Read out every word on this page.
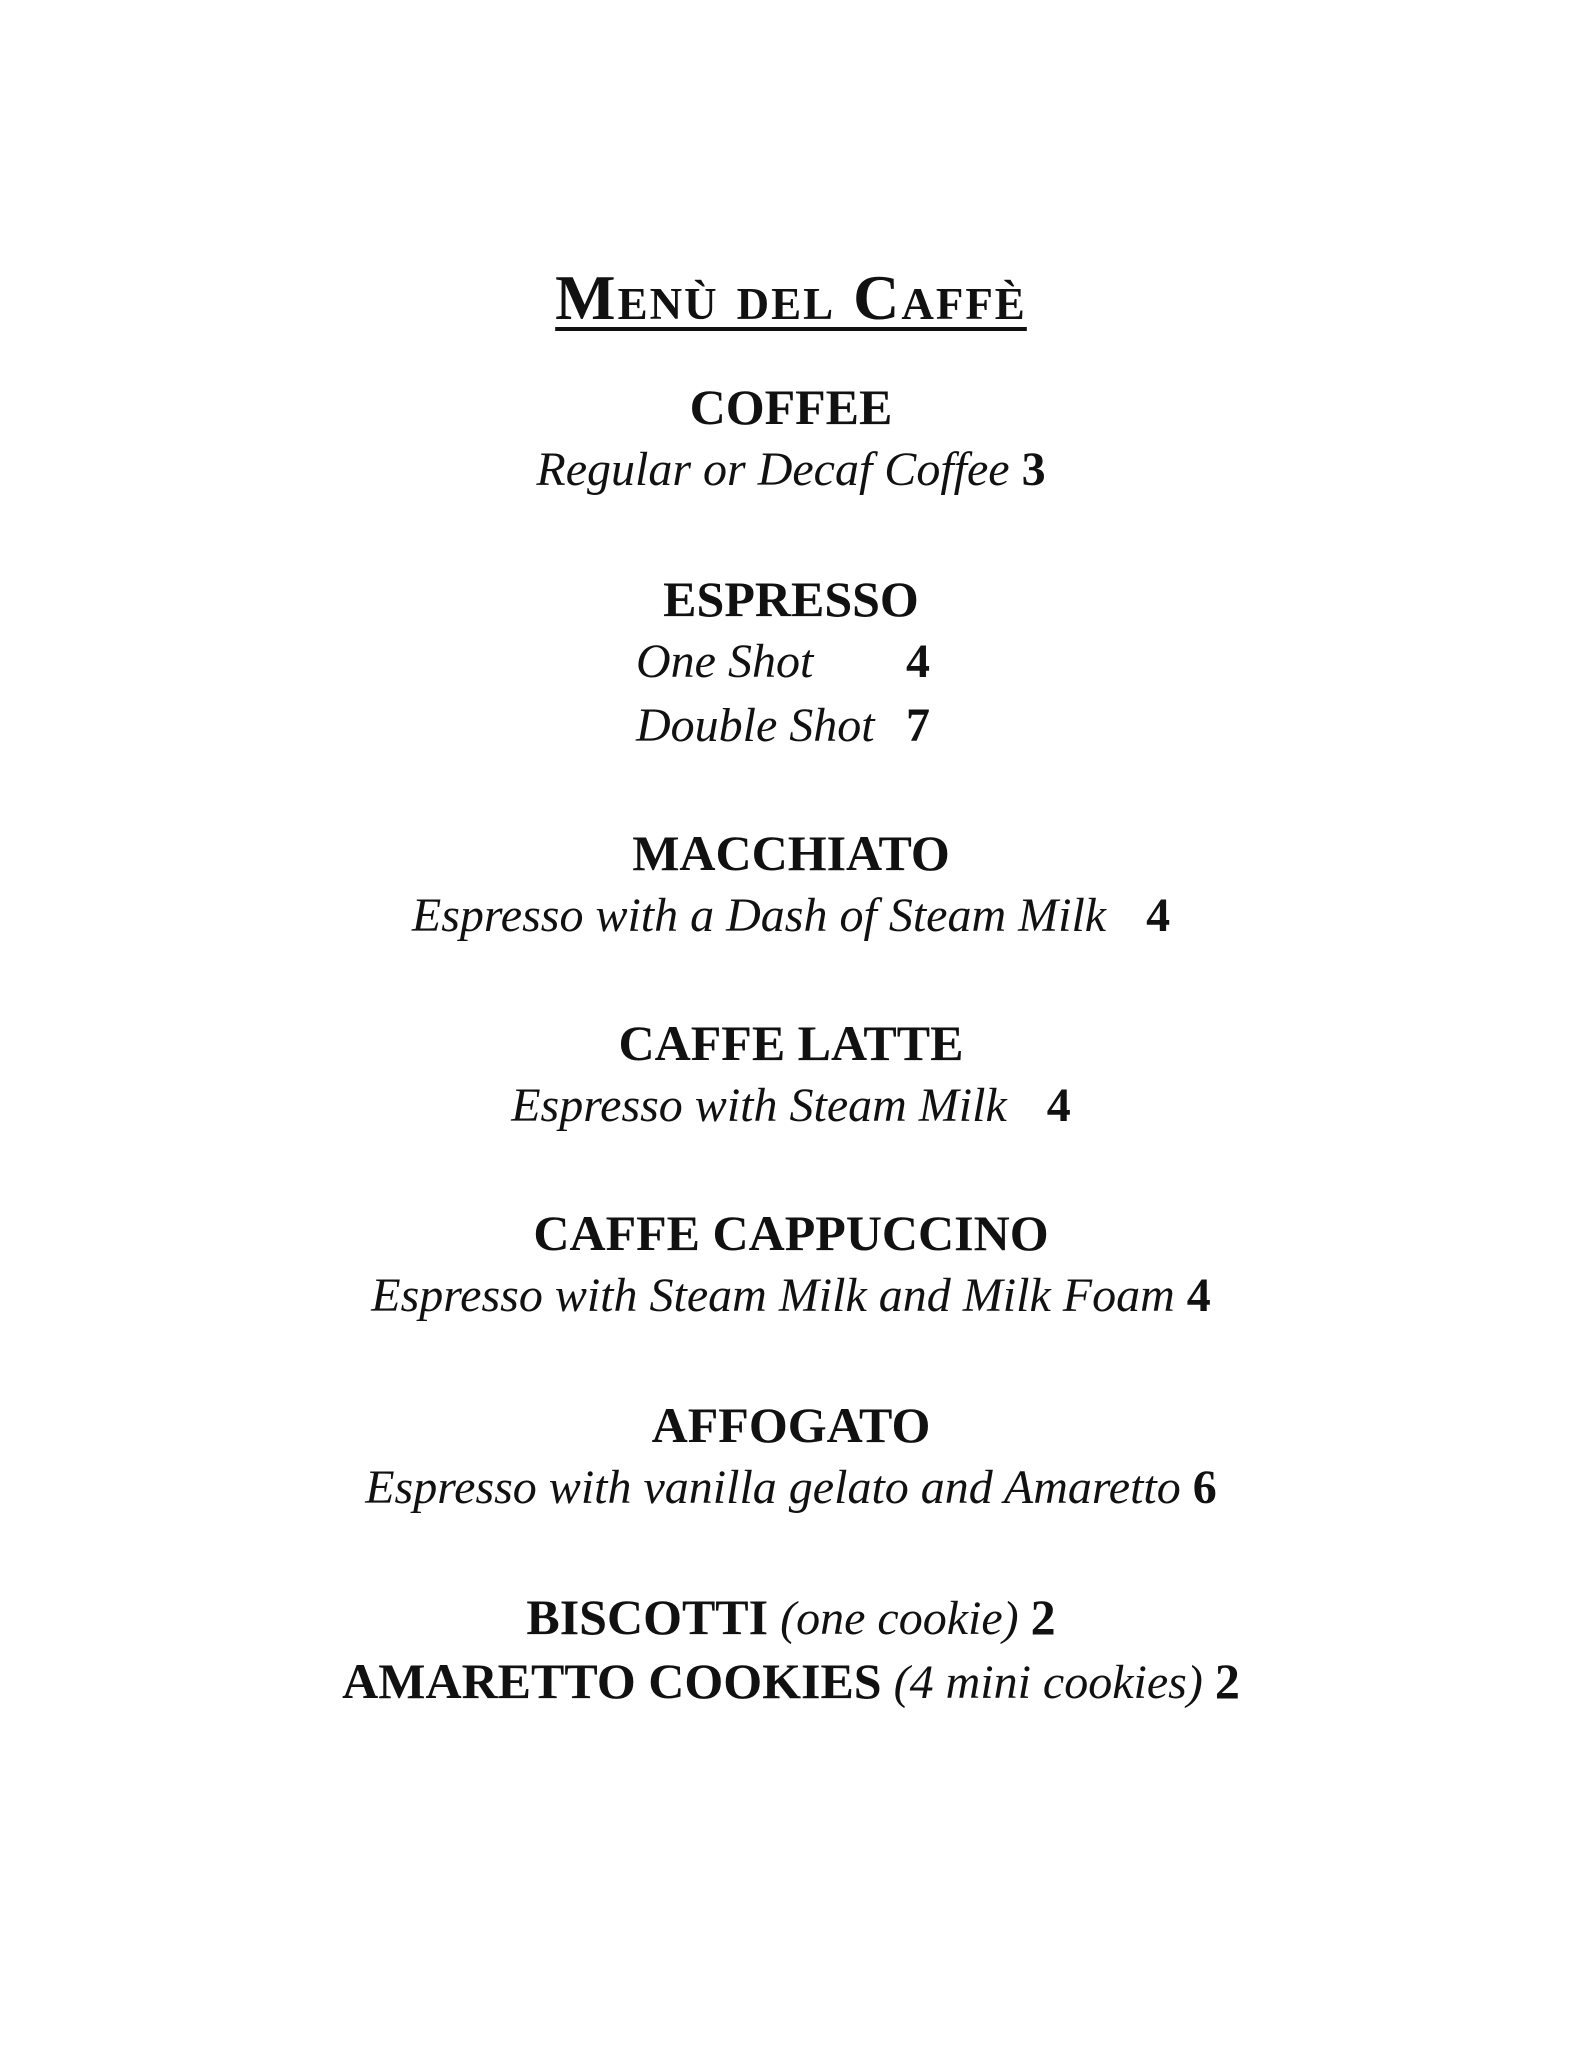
Menù del Caffè
COFFEE
Regular or Decaf Coffee 3
ESPRESSO
One Shot 4
Double Shot 7
MACCHIATO
Espresso with a Dash of Steam Milk 4
CAFFE LATTE
Espresso with Steam Milk 4
CAFFE CAPPUCCINO
Espresso with Steam Milk and Milk Foam 4
AFFOGATO
Espresso with vanilla gelato and Amaretto 6
BISCOTTI (one cookie) 2
AMARETTO COOKIES (4 mini cookies) 2
